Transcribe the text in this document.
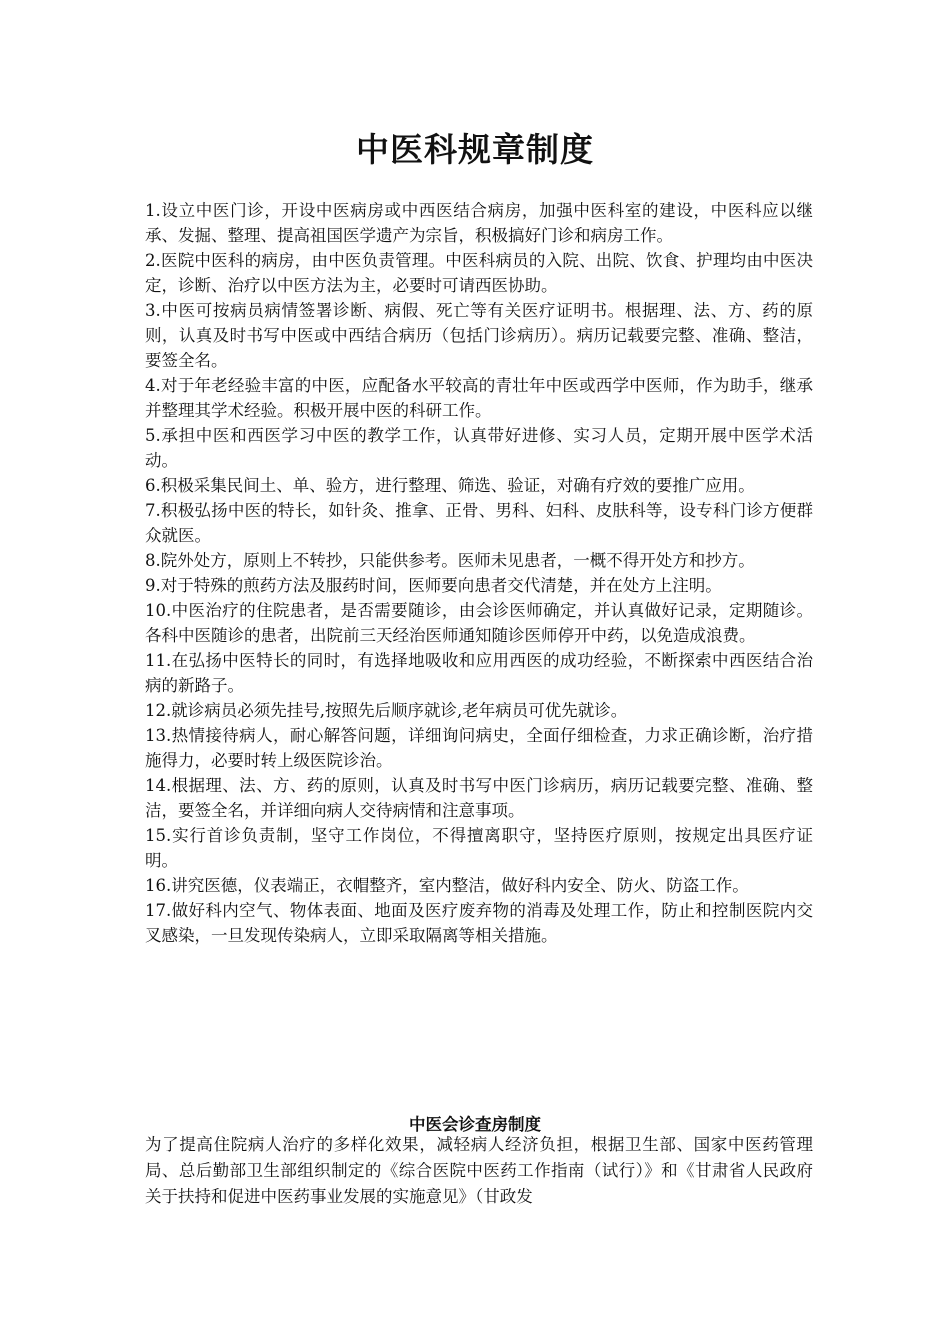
中医科规章制度
1.设立中医门诊，开设中医病房或中西医结合病房，加强中医科室的建设，中医科应以继承、发掘、整理、提高祖国医学遗产为宗旨，积极搞好门诊和病房工作。
2.医院中医科的病房，由中医负责管理。中医科病员的入院、出院、饮食、护理均由中医决定，诊断、治疗以中医方法为主，必要时可请西医协助。
3.中医可按病员病情签署诊断、病假、死亡等有关医疗证明书。根据理、法、方、药的原则，认真及时书写中医或中西结合病历（包括门诊病历）。病历记载要完整、准确、整洁，要签全名。
4.对于年老经验丰富的中医，应配备水平较高的青壮年中医或西学中医师，作为助手，继承并整理其学术经验。积极开展中医的科研工作。
5.承担中医和西医学习中医的教学工作，认真带好进修、实习人员，定期开展中医学术活动。
6.积极采集民间土、单、验方，进行整理、筛选、验证，对确有疗效的要推广应用。
7.积极弘扬中医的特长，如针灸、推拿、正骨、男科、妇科、皮肤科等，设专科门诊方便群众就医。
8.院外处方，原则上不转抄，只能供参考。医师未见患者，一概不得开处方和抄方。
9.对于特殊的煎药方法及服药时间，医师要向患者交代清楚，并在处方上注明。
10.中医治疗的住院患者，是否需要随诊，由会诊医师确定，并认真做好记录，定期随诊。各科中医随诊的患者，出院前三天经治医师通知随诊医师停开中药，以免造成浪费。
11.在弘扬中医特长的同时，有选择地吸收和应用西医的成功经验，不断探索中西医结合治病的新路子。
12.就诊病员必须先挂号,按照先后顺序就诊,老年病员可优先就诊。
13.热情接待病人，耐心解答问题，详细询问病史，全面仔细检查，力求正确诊断，治疗措施得力，必要时转上级医院诊治。
14.根据理、法、方、药的原则，认真及时书写中医门诊病历，病历记载要完整、准确、整洁，要签全名，并详细向病人交待病情和注意事项。
15.实行首诊负责制，坚守工作岗位，不得擅离职守，坚持医疗原则，按规定出具医疗证明。
16.讲究医德，仪表端正，衣帽整齐，室内整洁，做好科内安全、防火、防盗工作。
17.做好科内空气、物体表面、地面及医疗废弃物的消毒及处理工作，防止和控制医院内交叉感染，一旦发现传染病人，立即采取隔离等相关措施。
中医会诊查房制度

为了提高住院病人治疗的多样化效果，减轻病人经济负担，根据卫生部、国家中医药管理局、总后勤部卫生部组织制定的《综合医院中医药工作指南（试行）》和《甘肃省人民政府关于扶持和促进中医药事业发展的实施意见》（甘政发
